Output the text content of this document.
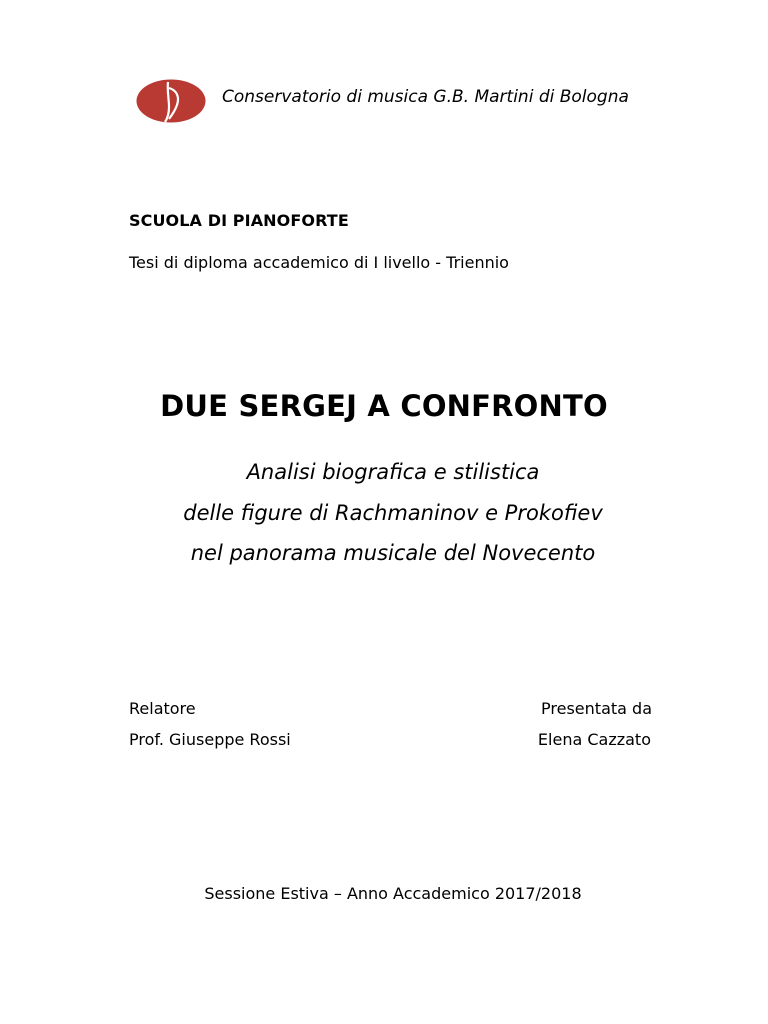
Conservatorio di musica G.B. Martini di Bologna
SCUOLA DI PIANOFORTE
Tesi di diploma accademico di I livello - Triennio
DUE SERGEJ A CONFRONTO
Analisi biografica e stilistica
delle figure di Rachmaninov e Prokofiev
nel panorama musicale del Novecento
Relatore
Prof. Giuseppe Rossi
Presentata da
Elena Cazzato
Sessione Estiva – Anno Accademico 2017/2018
